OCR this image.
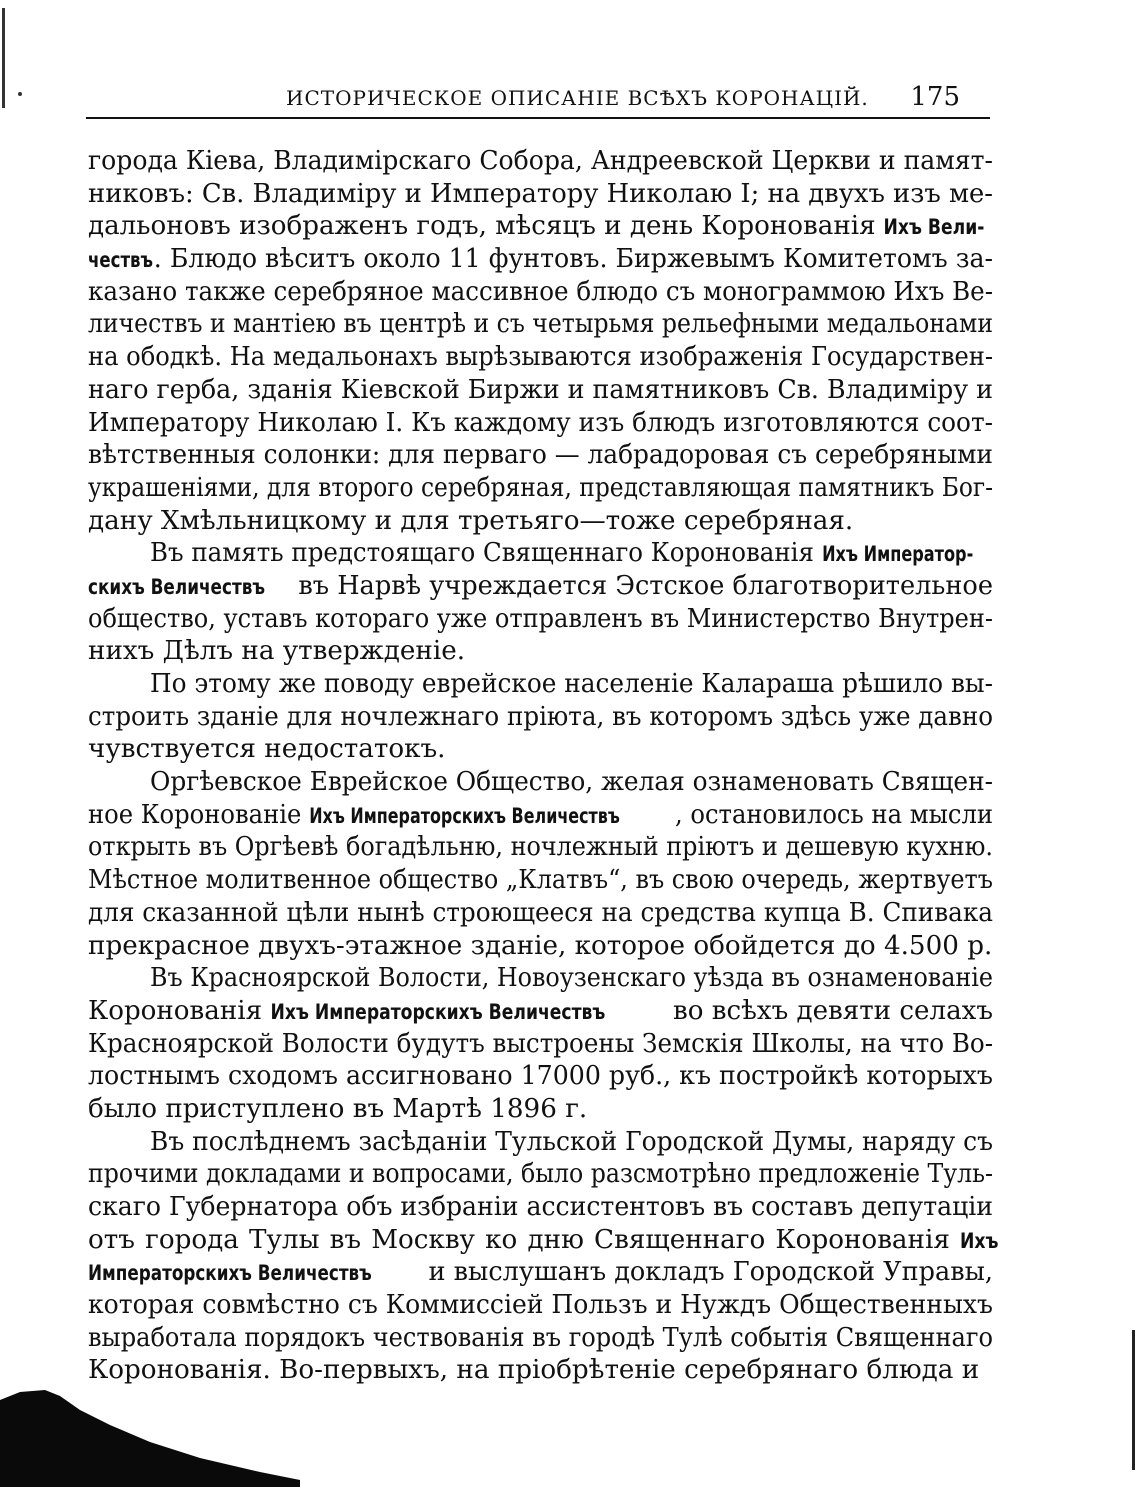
ИСТОРИЧЕСКОЕ ОПИСАНІЕ ВСѢХЪ КОРОНАЦІЙ. 175
города Кіева, Владимірскаго Собора, Андреевской Церкви и памят-
никовъ: Св. Владиміру и Императору Николаю I; на двухъ изъ ме-
дальоновъ изображенъ годъ, мѣсяцъ и день Коронованія Ихъ Вели-
чествъ. Блюдо вѣситъ около 11 фунтовъ. Биржевымъ Комитетомъ за-
казано также серебряное массивное блюдо съ монограммою Ихъ Ве-
личествъ и мантіею въ центрѣ и съ четырьмя рельефными медальонами
на ободкѣ. На медальонахъ вырѣзываются изображенія Государствен-
наго герба, зданія Кіевской Биржи и памятниковъ Св. Владиміру и
Императору Николаю I. Къ каждому изъ блюдъ изготовляются соот-
вѣтственныя солонки: для перваго — лабрадоровая съ серебряными
украшеніями, для второго серебряная, представляющая памятникъ Бог-
дану Хмѣльницкому и для третьяго—тоже серебряная.
Въ память предстоящаго Священнаго Коронованія Ихъ Император-
скихъ Величествъ въ Нарвѣ учреждается Эстское благотворительное
общество, уставъ котораго уже отправленъ въ Министерство Внутрен-
нихъ Дѣлъ на утвержденіе.
По этому же поводу еврейское населеніе Калараша рѣшило вы-
строить зданіе для ночлежнаго пріюта, въ которомъ здѣсь уже давно
чувствуется недостатокъ.
Оргѣевское Еврейское Общество, желая ознаменовать Священ-
ное Коронованіе Ихъ Императорскихъ Величествъ , остановилось на мысли
открыть въ Оргѣевѣ богадѣльню, ночлежный пріютъ и дешевую кухню.
Мѣстное молитвенное общество „Клатвъ“, въ свою очередь, жертвуетъ
для сказанной цѣли нынѣ строющееся на средства купца В. Спивака
прекрасное двухъ-этажное зданіе, которое обойдется до 4.500 р.
Въ Красноярской Волости, Новоузенскаго уѣзда въ ознаменованіе
Коронованія Ихъ Императорскихъ Величествъ во всѣхъ девяти селахъ
Красноярской Волости будутъ выстроены Земскія Школы, на что Во-
лостнымъ сходомъ ассигновано 17000 руб., къ постройкѣ которыхъ
было приступлено въ Мартѣ 1896 г.
Въ послѣднемъ засѣданіи Тульской Городской Думы, наряду съ
прочими докладами и вопросами, было разсмотрѣно предложеніе Туль-
скаго Губернатора объ избраніи ассистентовъ въ составъ депутаціи
отъ города Тулы въ Москву ко дню Священнаго Коронованія Ихъ
Императорскихъ Величествъ и выслушанъ докладъ Городской Управы,
которая совмѣстно съ Коммиссіей Пользъ и Нуждъ Общественныхъ
выработала порядокъ чествованія въ городѣ Тулѣ событія Священнаго
Коронованія. Во-первыхъ, на пріобрѣтеніе серебрянаго блюда и
